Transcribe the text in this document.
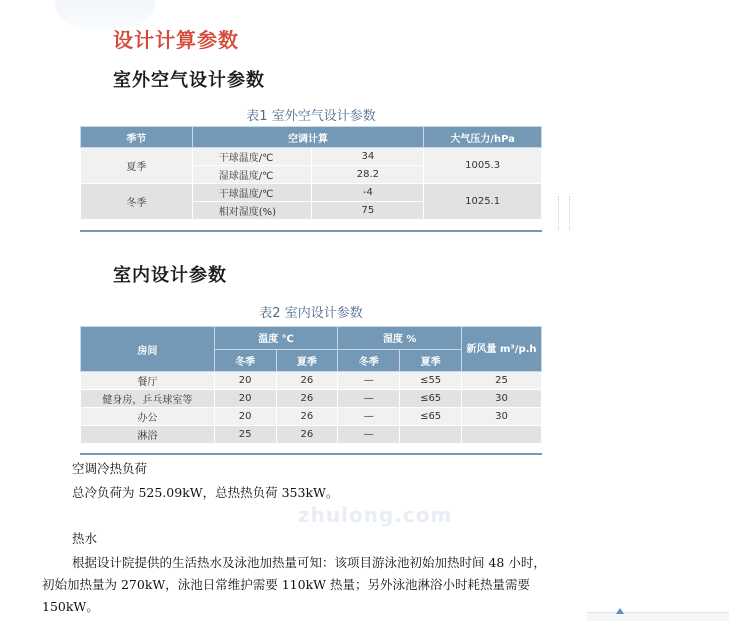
设计计算参数
室外空气设计参数
表1 室外空气设计参数
季节	空调计算		大气压力/hPa
夏季	干球温度/℃	34	1005.3
	湿球温度/℃	28.2	
冬季	干球温度/℃	-4	1025.1
	相对湿度(%)	75	
室内设计参数
表2 室内设计参数
房间	温度 ℃		湿度 %		新风量 m³/p.h
	冬季	夏季	冬季	夏季	
餐厅	20	26	—	≤55	25
健身房，乒乓球室等	20	26	—	≤65	30
办公	20	26	—	≤65	30
淋浴	25	26	—		
zhulong.com
空调冷热负荷
总冷负荷为 525.09kW，总热热负荷 353kW。
热水
根据设计院提供的生活热水及泳池加热量可知：该项目游泳池初始加热时间 48 小时，
初始加热量为 270kW，泳池日常维护需要 110kW 热量；另外泳池淋浴小时耗热量需要
150kW。
